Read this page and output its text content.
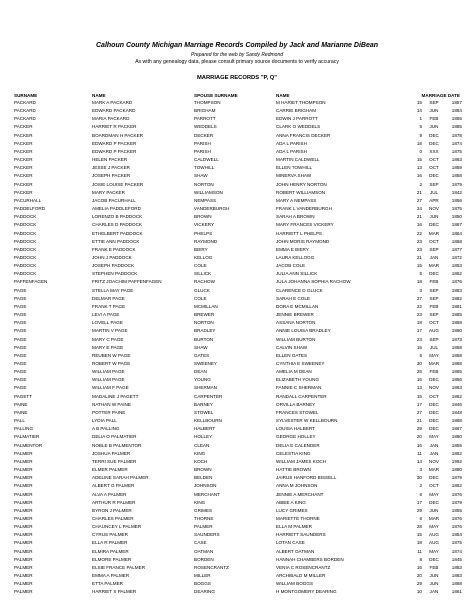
Calhoun County Michigan Marriage Records Compiled by Jack and Marianne DiBean
Prepared for the web by Sandy Redmond
As with any genealogy data, please consult primary source documents to verify accuracy
MARRIAGE RECORDS "P, Q"
SURNAME	NAME	SPOUSE SURNAME	NAME	MARRIAGE DATE		
PACKARD	MARK A PACKARD	THOMPSON	M HARIET THOMPSON	15	SEP	1857
PACKARD	EDWARD PACKARD	BRIGHAM	CARRIE BRIGHAM	14	JUN	1884
PACKARD	MARIA PACKARD	PARROTT	EDWIN J PARROTT	1	FEB	1865
PACKER	HARRIET R PACKER	WEDDELS	CLARK O WEDDELS	5	JUN	1885
PACKER	BOARDMAN H PACKER	DECKER	ANNA FRANCIS DECKER	9	DEC	1878
PACKER	EDWARD P PACKER	PARISH	ADA L PARISH	18	DEC	1874
PACKER	EDWARD P PACKER	PARISH	ADA L PARISH	0	XXX	1875
PACKER	HELEN PACKER	CALDWELL	MARTIN CALDWELL	15	OCT	1863
PACKER	JESSE J PACKER	TOWHILL	ELLEN TOWHILL	13	OCT	1859
PACKER	JOSEPH PACKER	SHAW	MINERVA SHAW	16	DEC	1858
PACKER	JOSIE LOUISE PACKER	NORTON	JOHN HENRY NORTON	2	SEP	1879
PACKER	MARY PACKER	WILLIAMSON	ROBERT WILLIAMSON	21	JUL	1842
PACURHALL	JACOB PACURHALL	NEMPASS	MARY A NEMPASS	27	APR	1856
PADDELFORD	AMELIA PADDLEFORD	VANDERBURGH	FRANK L VANDERBURGH	24	NOV	1875
PADDOCK	LORENZO B PADDOCK	BROWN	SARAH A BROWN	21	JUN	1850
PADDOCK	CHARLES D PADDOCK	VICKERY	MARY FRANCES VICKERY	16	DEC	1867
PADDOCK	ETHELBERT PADDOCK	PHELPS	HARRIETT L PHELPS	22	MAR	1864
PADDOCK	ETTIE ANN PADDOCK	RAYMOND	JOHN MORIS RAYMOND	23	OCT	1868
PADDOCK	FRANK E PADDOCK	BIERY	EMMA E BIERY	23	SEP	1877
PADDOCK	JOHN J PADDOCK	KELLOG	LAURA KELLOGG	21	JAN	1872
PADDOCK	JOSEPH PADDOCK	COLE	JACOB COLE	15	MAR	1853
PADDOCK	STEPHEN PADDOCK	SILLICK	JULIA ANN SILLICK	5	DEC	1862
PAFFENFAGEN	FRITZ JOACHIM PAFFENFAGEN	RACHOW	JULA JOHANNA SOPHIA RACHOW	18	FEB	1876
PAGE	STELLA MAY PAGE	GLUCK	CLARENCE D GLUCK	3	SEP	1883
PAGE	DELMAR PAGE	COLE	SARAH E COLE	27	SEP	1882
PAGE	FRANK T PAGE	MCMILLAN	DORA E MCMILLAN	22	FEB	1881
PAGE	LEVI A PAGE	BREWER	JENNIE BREWER	23	SEP	1885
PAGE	LOVELL PAGE	NORTON	ASSANA NORTON	18	OCT	1858
PAGE	MARTIN V PAGE	BRADLEY	ANNIE LOUISA BRADLEY	17	AUG	1860
PAGE	MARY C PAGE	BURTON	WILLIAM BURTON	23	SEP	1873
PAGE	MARY E PAGE	SHAW	CALVIN SHAW	15	JUL	1858
PAGE	REUBEN W PAGE	GATES	ELLEN GATES	5	MAY	1858
PAGE	ROBERT W PAGE	SWEENEY	CYNTHIA E SWEENEY	30	MAR	1868
PAGE	WILLIAM PAGE	DEAN	AMELIA M DEAN	25	FEB	1865
PAGE	WILLIAM PAGE	YOUNG	ELIZABETH YOUNG	16	DEC	1856
PAGE	WILLIAM F PAGE	SHERMAN	FANNIE C SHERMAN	13	NOV	1863
PAGETT	MADALINE J PAGETT	CARPENTER	RANDALL CARPENTER	15	OCT	1862
PAINE	NATHAN W PAINE	BARNEY	ORVILLA BARNEY	17	DEC	1846
PAINE	POTTER PAINE	STOWEL	FRANCES STOWEL	27	DEC	1848
PALL	LYDIA PALL	KELLBOURN	SYLVESTER W KELLBOURN	21	DEC	1868
PALLING	A B PALLING	HALBERT	LOUISA HALBERT	29	DEC	1867
PALMATIER	DELIA O PALMATIER	HOLLEY	GEORGE HOLLEY	20	MAY	1880
PALMENTOR	NOBLE B PALMENTOR	CLEAN	DELIA E CALENDER	16	JAN	1855
PALMER	JOSHUA PALMER	KING	CELESTIA KING	11	JAN	1862
PALMER	TERRI SUE PALMER	KOCH	WILLIAM JAMES KOCH	14	NOV	1992
PALMER	ELMER PALMER	BROWN	HATTIE BROWN	3	MAR	1880
PALMER	ADELINE SARAH PALMER	BELDEN	JAIRUS HANFORD BISSELL	30	DEC	1879
PALMER	ALBERT G PALMER	JOHNSON	ANNA M JOHNSON	2	OCT	1862
PALMER	ALVA A PALMER	MERCHANT	JENNIE A MERCHANT	6	MAY	1876
PALMER	ARTHUR R PALMER	KING	ABBIE A KING	17	DEC	1879
PALMER	BYRON J PALMER	GRIMES	LUCY GRIMES	29	JUN	1855
PALMER	CHARLES PALMER	THORNE	MARIETTE THORNE	6	MAR	1876
PALMER	CHAUNCEY L PALMER	PALMER	ELLA M PALMER	28	MAY	1876
PALMER	CYRUS PALMER	SAUNDERS	HARRIETT SAUNDERS	15	AUG	1854
PALMER	ELLA R PALMER	CASE	LOTAN CASE	18	AUG	1875
PALMER	ELMIRA PALMER	OATMAN	ALBERT OATMAN	11	MAY	1874
PALMER	ELMORE PALMER	BORDEN	HANNAH CHAMBERS BORDEN	8	DEC	1845
PALMER	ELSIE FRANCE PALMER	ROSENCRANTZ	VENIA C ROSENCRANTZ	16	FEB	1883
PALMER	EMMA A PALMER	MILLER	ARCHIBALD M MILLER	20	JUN	1883
PALMER	ETTA PALMER	BOGGS	WILLIAM BOGGS	29	JUN	1868
PALMER	HARRIET S PALMER	DEARING	H MONTGOMERY DEARING	10	JAN	1861
